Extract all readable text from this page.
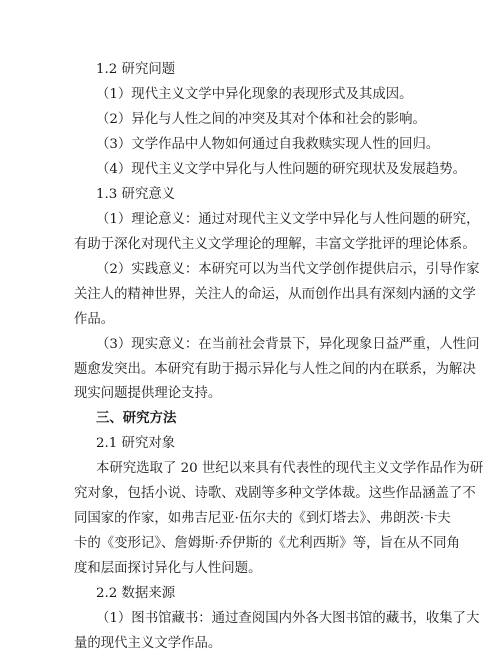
1.2 研究问题
（1）现代主义文学中异化现象的表现形式及其成因。
（2）异化与人性之间的冲突及其对个体和社会的影响。
（3）文学作品中人物如何通过自我救赎实现人性的回归。
（4）现代主义文学中异化与人性问题的研究现状及发展趋势。
1.3 研究意义
（1）理论意义：通过对现代主义文学中异化与人性问题的研究，
有助于深化对现代主义文学理论的理解，丰富文学批评的理论体系。
（2）实践意义：本研究可以为当代文学创作提供启示，引导作家
关注人的精神世界，关注人的命运，从而创作出具有深刻内涵的文学
作品。
（3）现实意义：在当前社会背景下，异化现象日益严重，人性问
题愈发突出。本研究有助于揭示异化与人性之间的内在联系，为解决
现实问题提供理论支持。
三、研究方法
2.1 研究对象
本研究选取了 20 世纪以来具有代表性的现代主义文学作品作为研
究对象，包括小说、诗歌、戏剧等多种文学体裁。这些作品涵盖了不
同国家的作家，如弗吉尼亚·伍尔夫的《到灯塔去》、弗朗茨·卡夫
卡的《变形记》、詹姆斯·乔伊斯的《尤利西斯》等，旨在从不同角
度和层面探讨异化与人性问题。
2.2 数据来源
（1）图书馆藏书：通过查阅国内外各大图书馆的藏书，收集了大
量的现代主义文学作品。
